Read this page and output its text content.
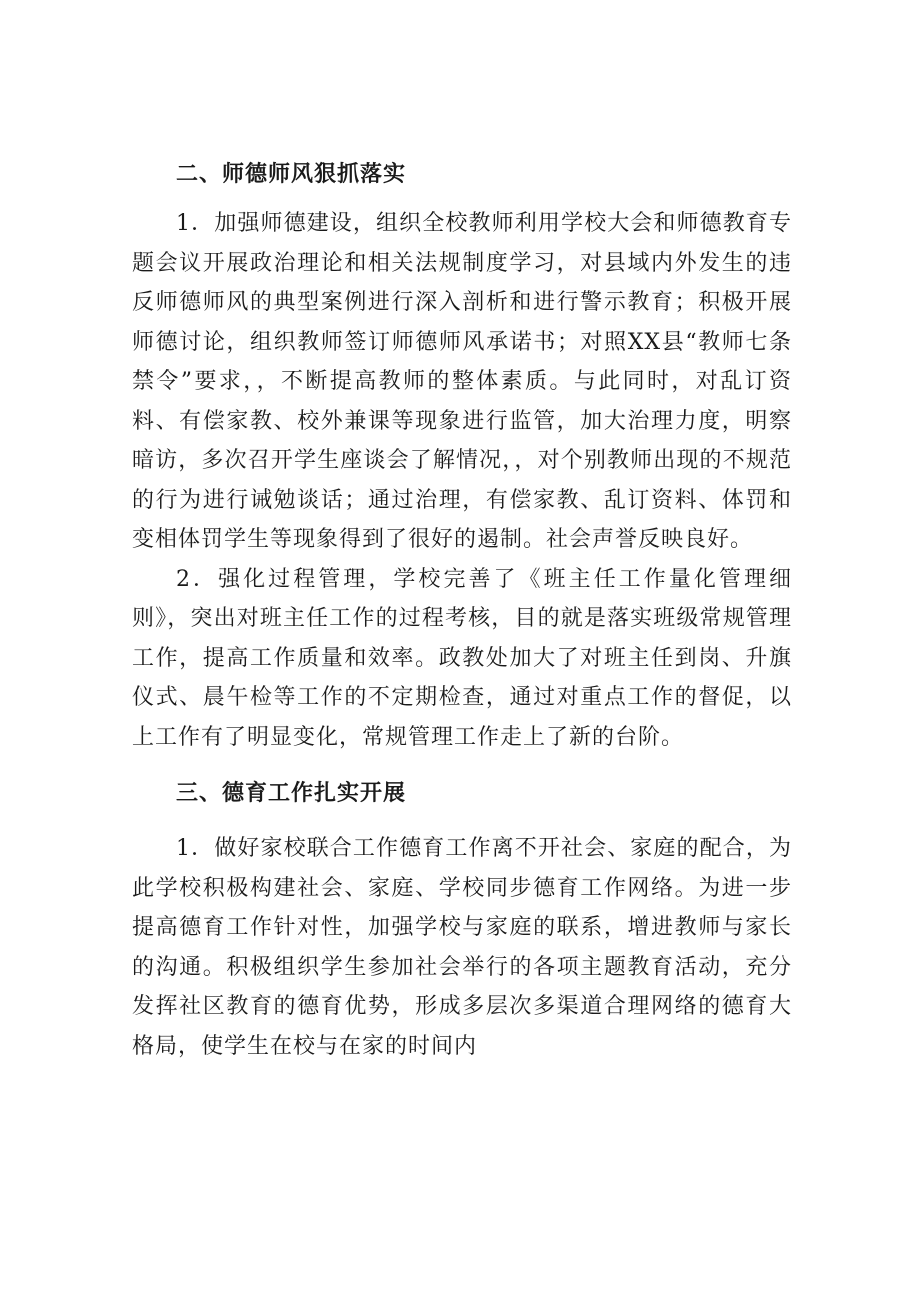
二、师德师风狠抓落实

1．加强师德建设，组织全校教师利用学校大会和师德教育专题会议开展政治理论和相关法规制度学习，对县域内外发生的违反师德师风的典型案例进行深入剖析和进行警示教育；积极开展师德讨论，组织教师签订师德师风承诺书；对照XX县“教师七条禁令”要求，，不断提高教师的整体素质。与此同时，对乱订资料、有偿家教、校外兼课等现象进行监管，加大治理力度，明察暗访，多次召开学生座谈会了解情况，，对个别教师出现的不规范的行为进行诫勉谈话；通过治理，有偿家教、乱订资料、体罚和变相体罚学生等现象得到了很好的遏制。社会声誉反映良好。

2．强化过程管理，学校完善了《班主任工作量化管理细则》，突出对班主任工作的过程考核，目的就是落实班级常规管理工作，提高工作质量和效率。政教处加大了对班主任到岗、升旗仪式、晨午检等工作的不定期检查，通过对重点工作的督促，以上工作有了明显变化，常规管理工作走上了新的台阶。

三、德育工作扎实开展

1．做好家校联合工作德育工作离不开社会、家庭的配合，为此学校积极构建社会、家庭、学校同步德育工作网络。为进一步提高德育工作针对性，加强学校与家庭的联系，增进教师与家长的沟通。积极组织学生参加社会举行的各项主题教育活动，充分发挥社区教育的德育优势，形成多层次多渠道合理网络的德育大格局，使学生在校与在家的时间内
